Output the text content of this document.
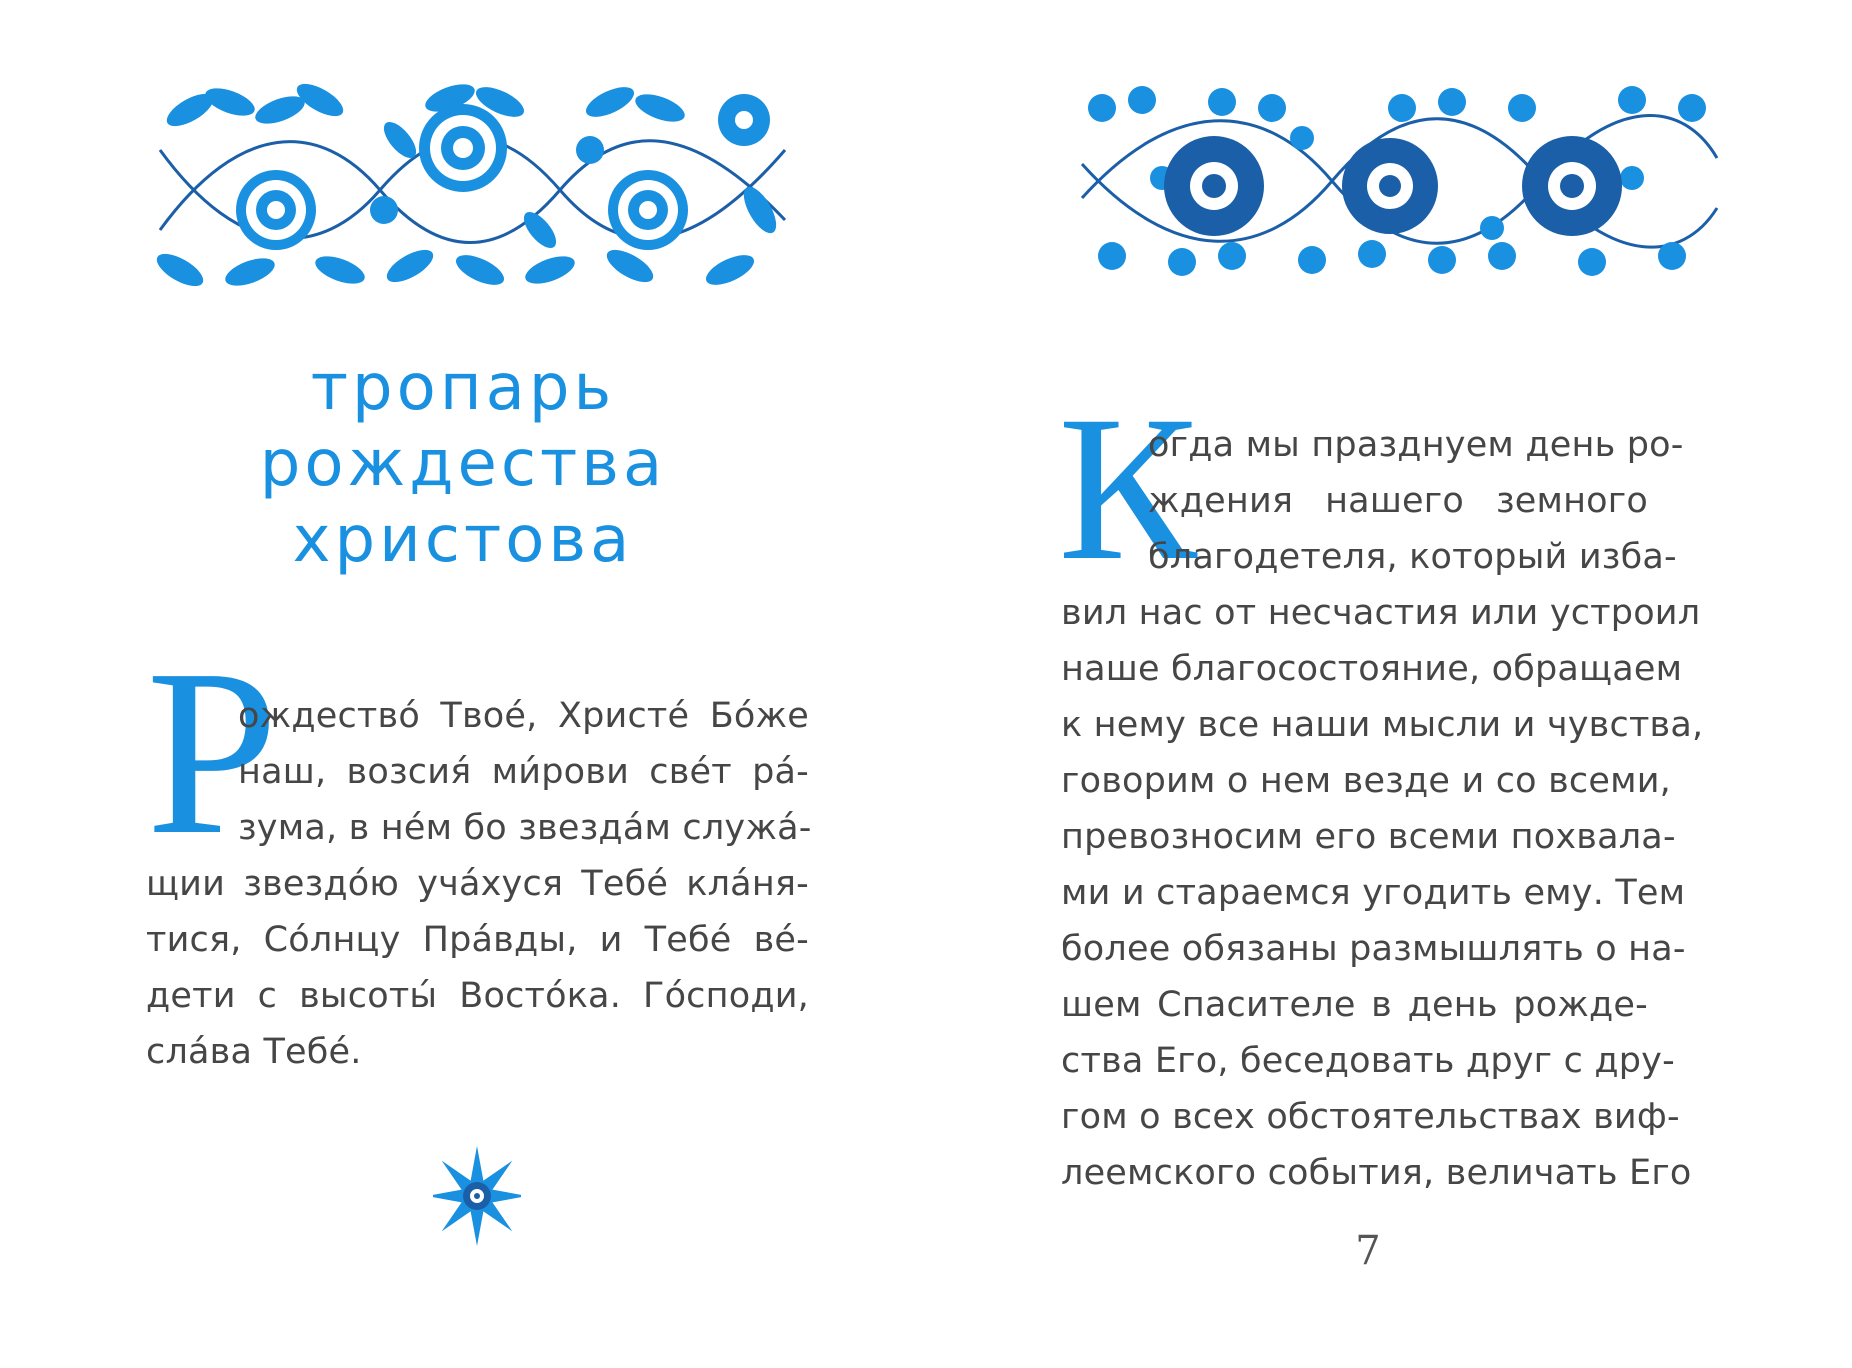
тропарь
рождества
христова
Р
ождество́ Твое́, Христе́ Бо́же
наш, возсия́ ми́рови све́т ра́-
зума, в не́м бо звезда́м служа́-
щии звездо́ю уча́хуся Тебе́ кла́ня-
тися, Со́лнцу Пра́вды, и Тебе́ ве́-
дети с высоты́ Восто́ка. Го́споди,
сла́ва Тебе́.
К
огда мы празднуем день ро-
ждения нашего земного
благодетеля, который изба-
вил нас от несчастия или устроил
наше благосостояние, обращаем
к нему все наши мысли и чувства,
говорим о нем везде и со всеми,
превозносим его всеми похвала-
ми и стараемся угодить ему. Тем
более обязаны размышлять о на-
шем Спасителе в день рожде-
ства Его, беседовать друг с дру-
гом о всех обстоятельствах виф-
леемского события, величать Его
7
